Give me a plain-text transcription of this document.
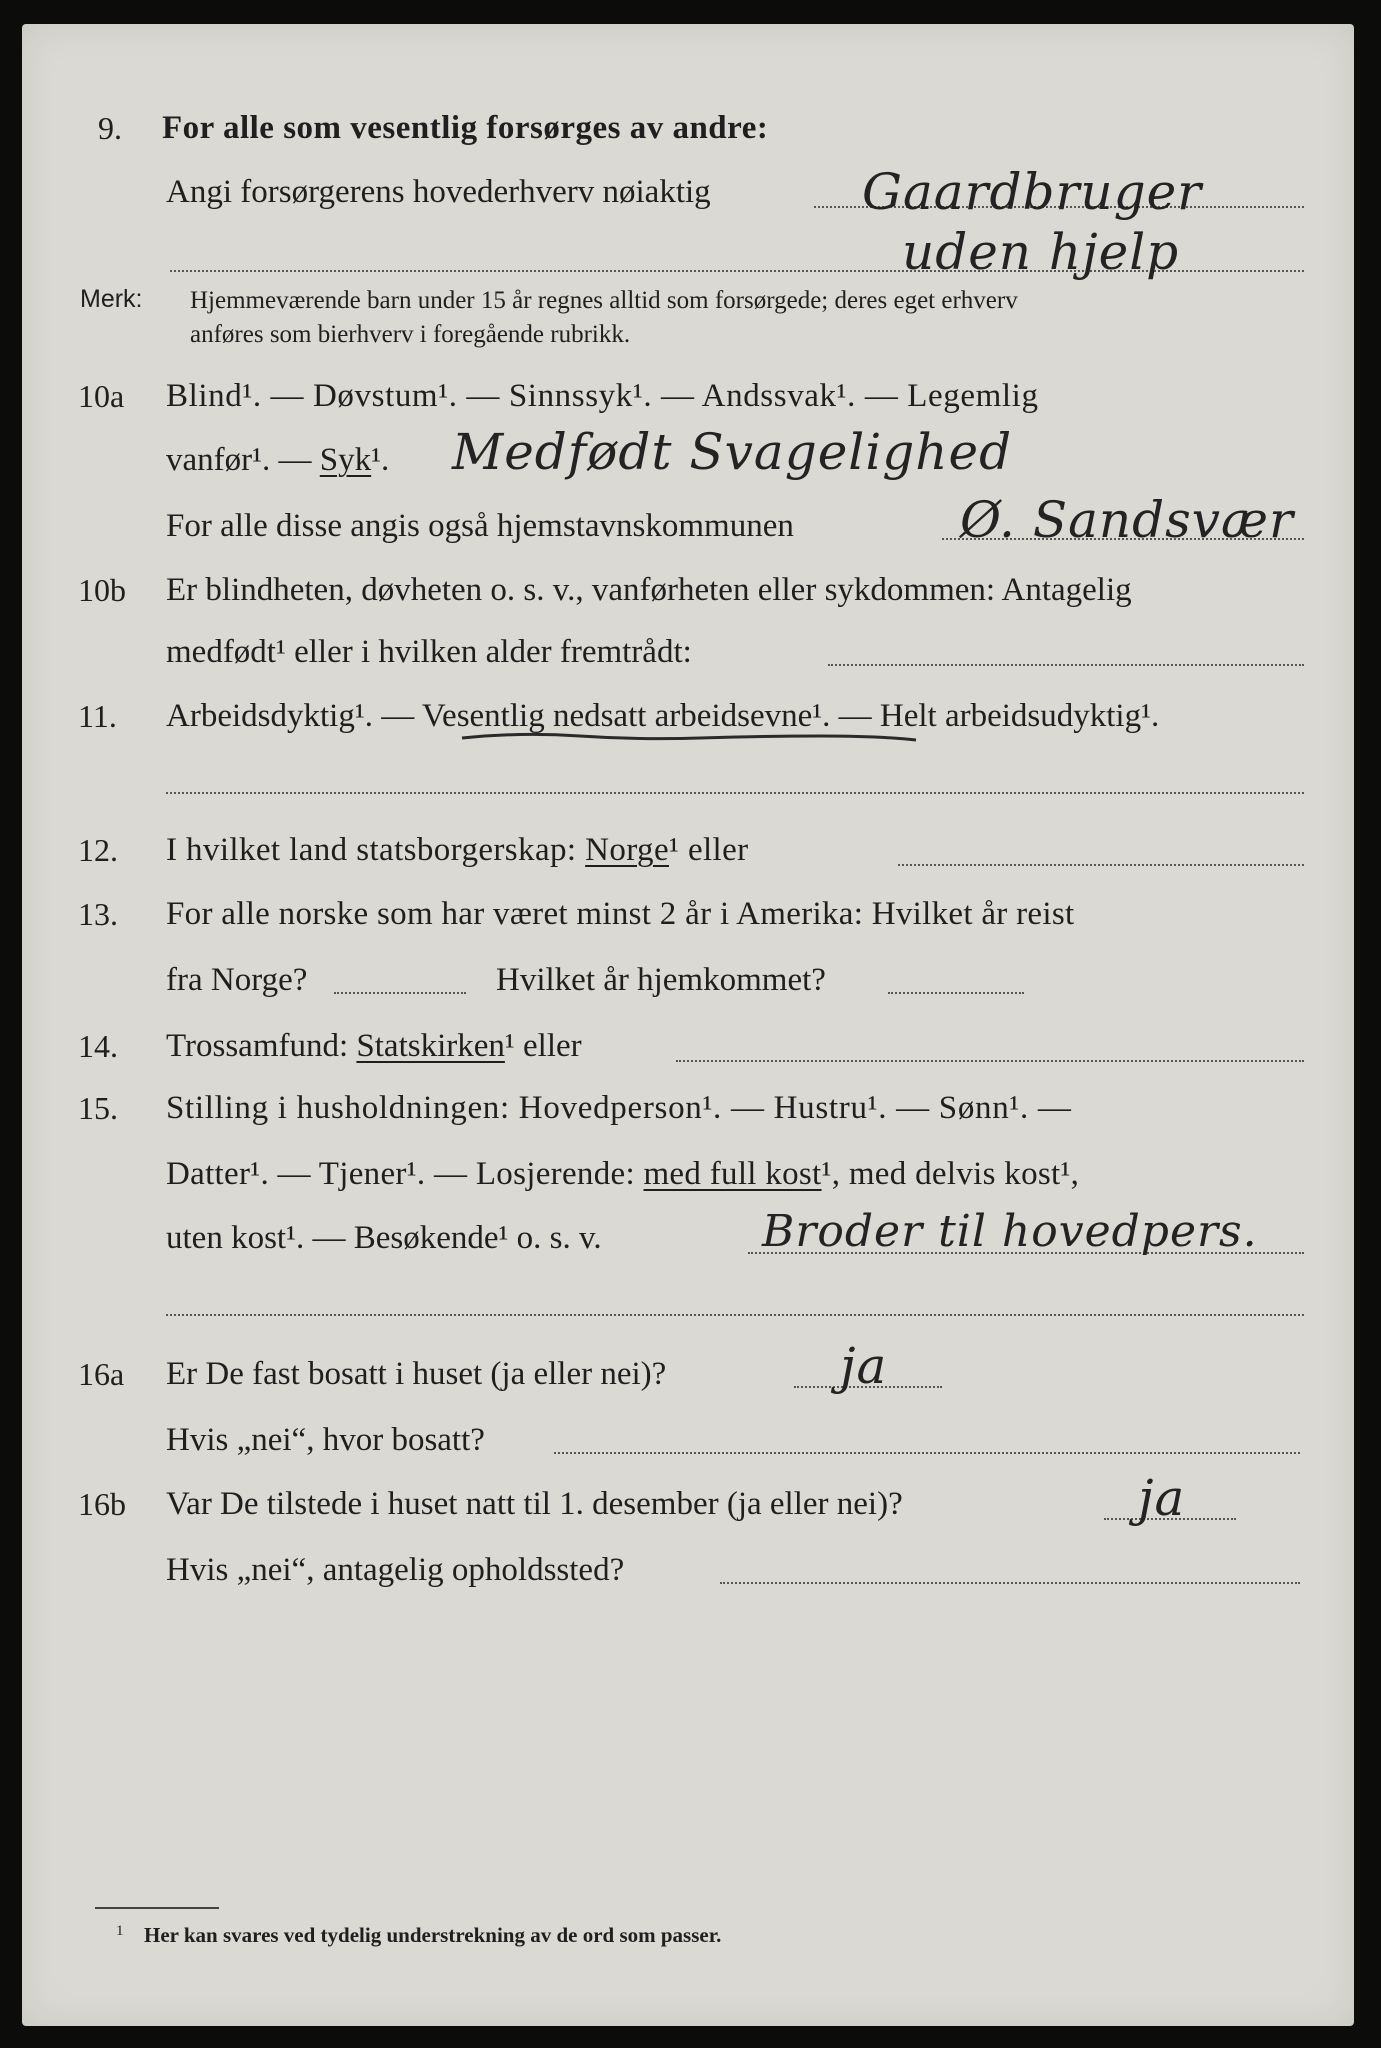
9. For alle som vesentlig forsørges av andre:
Angi forsørgerens hovederhverv nøiaktig	Gaardbruger
uden hjelp
Merk: Hjemmeværende barn under 15 år regnes alltid som forsørgede; deres eget erhverv
anføres som bierhverv i foregående rubrikk.
10a Blind¹. — Døvstum¹. — Sinnssyk¹. — Andssvak¹. — Legemlig
vanfør¹. — Syk¹. Medfødt Svagelighed
For alle disse angis også hjemstavnskommunen	Ø. Sandsvær
10b Er blindheten, døvheten o. s. v., vanførheten eller sykdommen: Antagelig
medfødt¹ eller i hvilken alder fremtrådt:
11. Arbeidsdyktig¹. — Vesentlig nedsatt arbeidsevne¹. — Helt arbeidsudyktig¹.
12. I hvilket land statsborgerskap: Norge¹ eller
13. For alle norske som har været minst 2 år i Amerika: Hvilket år reist
fra Norge?	Hvilket år hjemkommet?
14. Trossamfund: Statskirken¹ eller
15. Stilling i husholdningen: Hovedperson¹. — Hustru¹. — Sønn¹. —
Datter¹. — Tjener¹. — Losjerende: med full kost¹, med delvis kost¹,
uten kost¹. — Besøkende¹ o. s. v.	Broder til hovedpers.
16a Er De fast bosatt i huset (ja eller nei)?	ja
Hvis „nei“, hvor bosatt?
16b Var De tilstede i huset natt til 1. desember (ja eller nei)?	ja
Hvis „nei“, antagelig opholdssted?
1 Her kan svares ved tydelig understrekning av de ord som passer.
